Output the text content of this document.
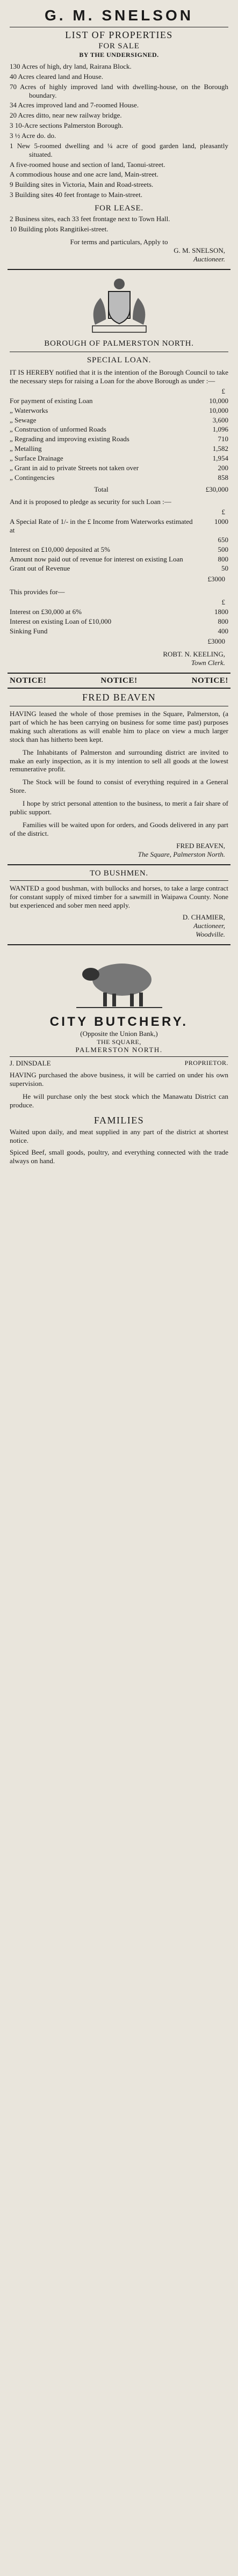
G. M. SNELSON
LIST OF PROPERTIES
FOR SALE
BY THE UNDERSIGNED.
130 Acres of high, dry land, Rairana Block.
40 Acres cleared land and House.
70 Acres of highly improved land with dwelling-house, on the Borough boundary.
34 Acres improved land and 7-roomed House.
20 Acres ditto, near new railway bridge.
3 10-Acre sections Palmerston Borough.
3 ½ Acre do. do.
1 New 5-roomed dwelling and ¼ acre of good garden land, pleasantly situated.
A five-roomed house and section of land, Taonui-street.
A commodious house and one acre land, Main-street.
9 Building sites in Victoria, Main and Road-streets.
3 Building sites 40 feet frontage to Main-street.
FOR LEASE.
2 Business sites, each 33 feet frontage next to Town Hall.
10 Building plots Rangitikei-street.
For terms and particulars, Apply to
G. M. SNELSON,
Auctioneer.
BOROUGH OF PALMERSTON NORTH.
SPECIAL LOAN.
IT IS HEREBY notified that it is the intention of the Borough Council to take the necessary steps for raising a Loan for the above Borough as under :—
£
For payment of existing Loan	10,000
„ Waterworks	10,000
„ Sewage	3,600
„ Construction of unformed Roads	1,096
„ Regrading and improving existing Roads	710
„ Metalling	1,582
„ Surface Drainage	1,954
„ Grant in aid to private Streets not taken over	200
„ Contingencies	858
Total	£30,000
And it is proposed to pledge as security for such Loan :—
£
A Special Rate of 1/- in the £ Income from Waterworks estimated at
1000
650
Interest on £10,000 deposited at 5%	500
Amount now paid out of revenue for interest on existing Loan	800
Grant out of Revenue	50
£3000
This provides for—
£
Interest on £30,000 at 6%	1800
Interest on existing Loan of £10,000	800
Sinking Fund	400
£3000
ROBT. N. KEELING,
Town Clerk.
NOTICE!	NOTICE!	NOTICE!
FRED BEAVEN
HAVING leased the whole of those premises in the Square, Palmerston, (a part of which he has been carrying on business for some time past) purposes making such alterations as will enable him to place on view a much larger stock than has hitherto been kept.
The Inhabitants of Palmerston and surrounding district are invited to make an early inspection, as it is my intention to sell all goods at the lowest remunerative profit.
The Stock will be found to consist of everything required in a General Store.
I hope by strict personal attention to the business, to merit a fair share of public support.
Families will be waited upon for orders, and Goods delivered in any part of the district.
FRED BEAVEN,
The Square, Palmerston North.
TO BUSHMEN.
WANTED a good bushman, with bullocks and horses, to take a large contract for constant supply of mixed timber for a sawmill in Waipawa County. None but experienced and sober men need apply.
D. CHAMIER,
Auctioneer,
Woodville.
CITY BUTCHERY.
(Opposite the Union Bank,)
THE SQUARE,
PALMERSTON NORTH.
J. DINSDALE	PROPRIETOR.
HAVING purchased the above business, it will be carried on under his own supervision.
He will purchase only the best stock which the Manawatu District can produce.
FAMILIES
Waited upon daily, and meat supplied in any part of the district at shortest notice.
Spiced Beef, small goods, poultry, and everything connected with the trade always on hand.
